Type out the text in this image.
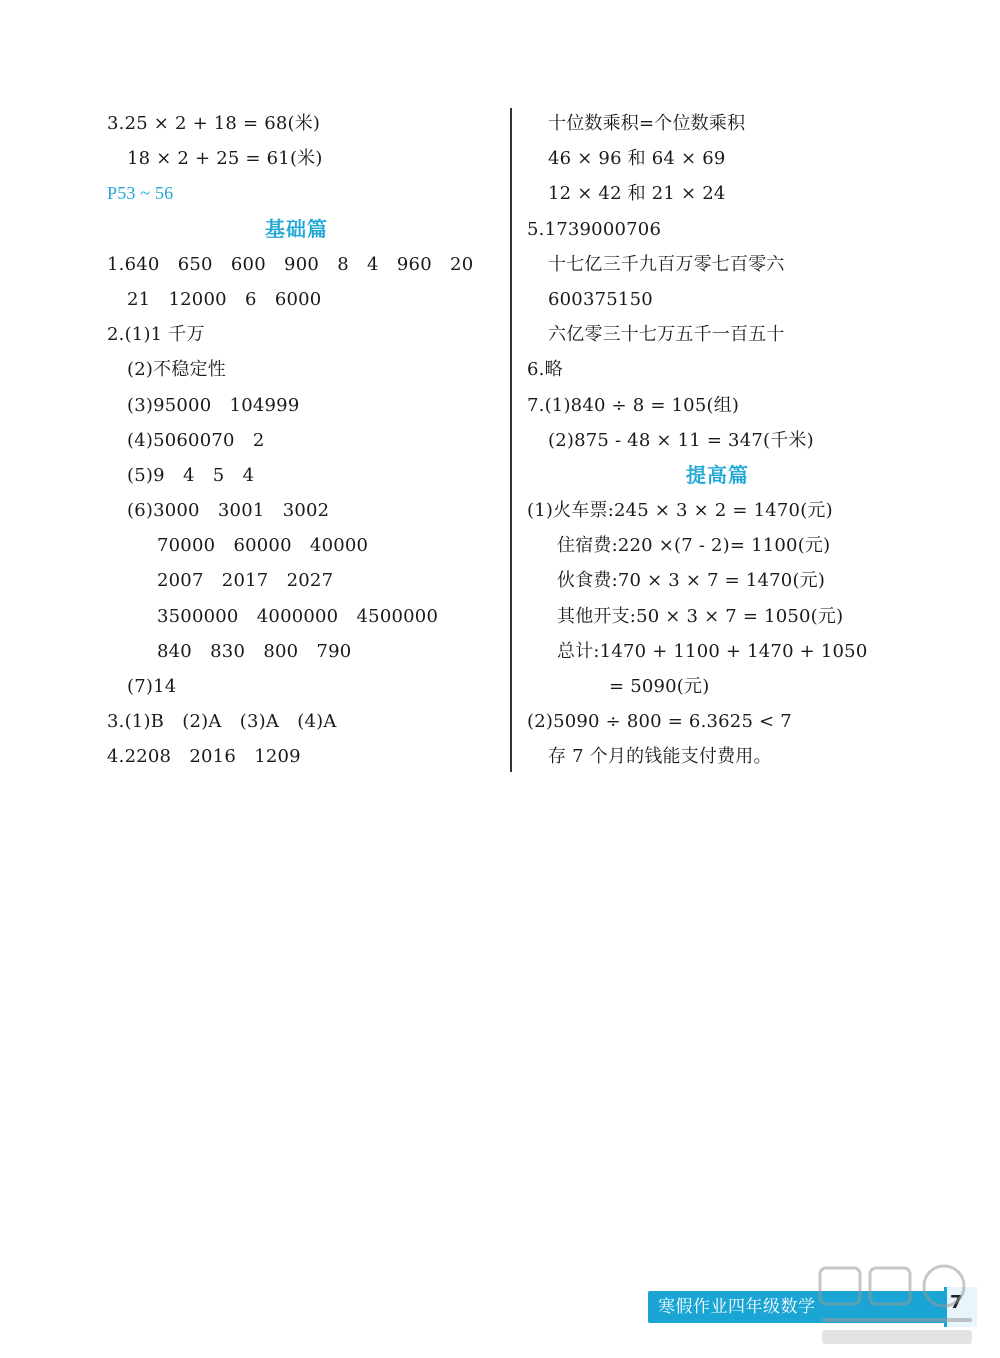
3.25 × 2 + 18 = 68(米)
18 × 2 + 25 = 61(米)
P53 ~ 56
基础篇
1.640　650　600　900　8　4　960　20
21　12000　6　6000
2.(1)1 千万
(2)不稳定性
(3)95000　104999
(4)5060070　2
(5)9　4　5　4
(6)3000　3001　3002
70000　60000　40000
2007　2017　2027
3500000　4000000　4500000
840　830　800　790
(7)14
3.(1)B　(2)A　(3)A　(4)A
4.2208　2016　1209
十位数乘积=个位数乘积
46 × 96 和 64 × 69
12 × 42 和 21 × 24
5.1739000706
十七亿三千九百万零七百零六
600375150
六亿零三十七万五千一百五十
6.略
7.(1)840 ÷ 8 = 105(组)
(2)875 - 48 × 11 = 347(千米)
提高篇
(1)火车票:245 × 3 × 2 = 1470(元)
住宿费:220 ×(7 - 2)= 1100(元)
伙食费:70 × 3 × 7 = 1470(元)
其他开支:50 × 3 × 7 = 1050(元)
总计:1470 + 1100 + 1470 + 1050
= 5090(元)
(2)5090 ÷ 800 = 6.3625 < 7
存 7 个月的钱能支付费用。
寒假作业四年级数学	7
